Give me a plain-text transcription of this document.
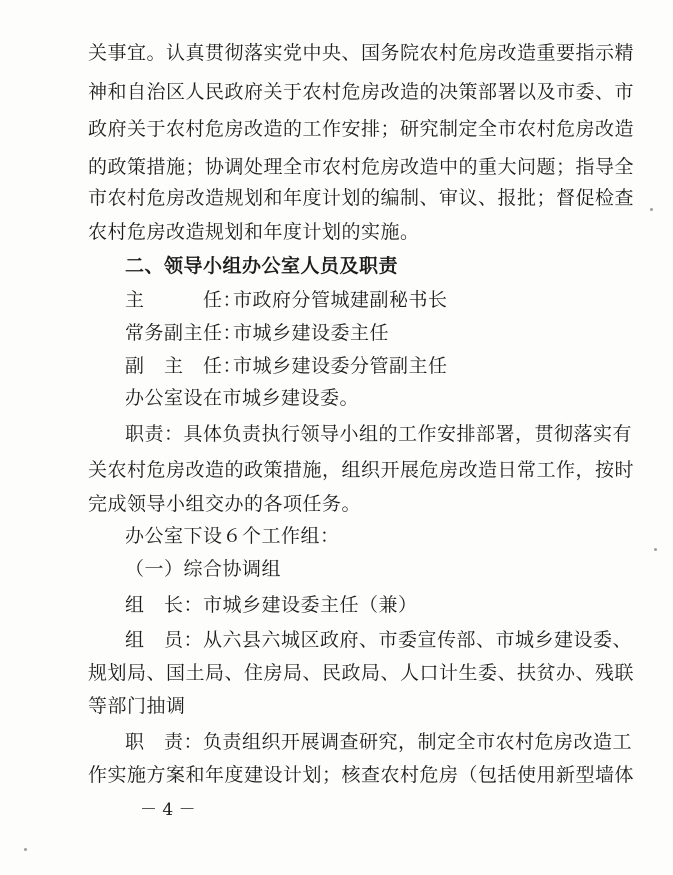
关事宜。认真贯彻落实党中央、国务院农村危房改造重要指示精
神和自治区人民政府关于农村危房改造的决策部署以及市委、市
政府关于农村危房改造的工作安排；研究制定全市农村危房改造
的政策措施；协调处理全市农村危房改造中的重大问题；指导全
市农村危房改造规划和年度计划的编制、审议、报批；督促检查
农村危房改造规划和年度计划的实施。
二、领导小组办公室人员及职责
主　　　任：市政府分管城建副秘书长
常务副主任：市城乡建设委主任
副　主　任：市城乡建设委分管副主任
办公室设在市城乡建设委。
职责：具体负责执行领导小组的工作安排部署，贯彻落实有
关农村危房改造的政策措施，组织开展危房改造日常工作，按时
完成领导小组交办的各项任务。
办公室下设６个工作组：
（一）综合协调组
组　长：市城乡建设委主任（兼）
组　员：从六县六城区政府、市委宣传部、市城乡建设委、
规划局、国土局、住房局、民政局、人口计生委、扶贫办、残联
等部门抽调
职　责：负责组织开展调查研究，制定全市农村危房改造工
作实施方案和年度建设计划；核查农村危房（包括使用新型墙体
－ 4 －
